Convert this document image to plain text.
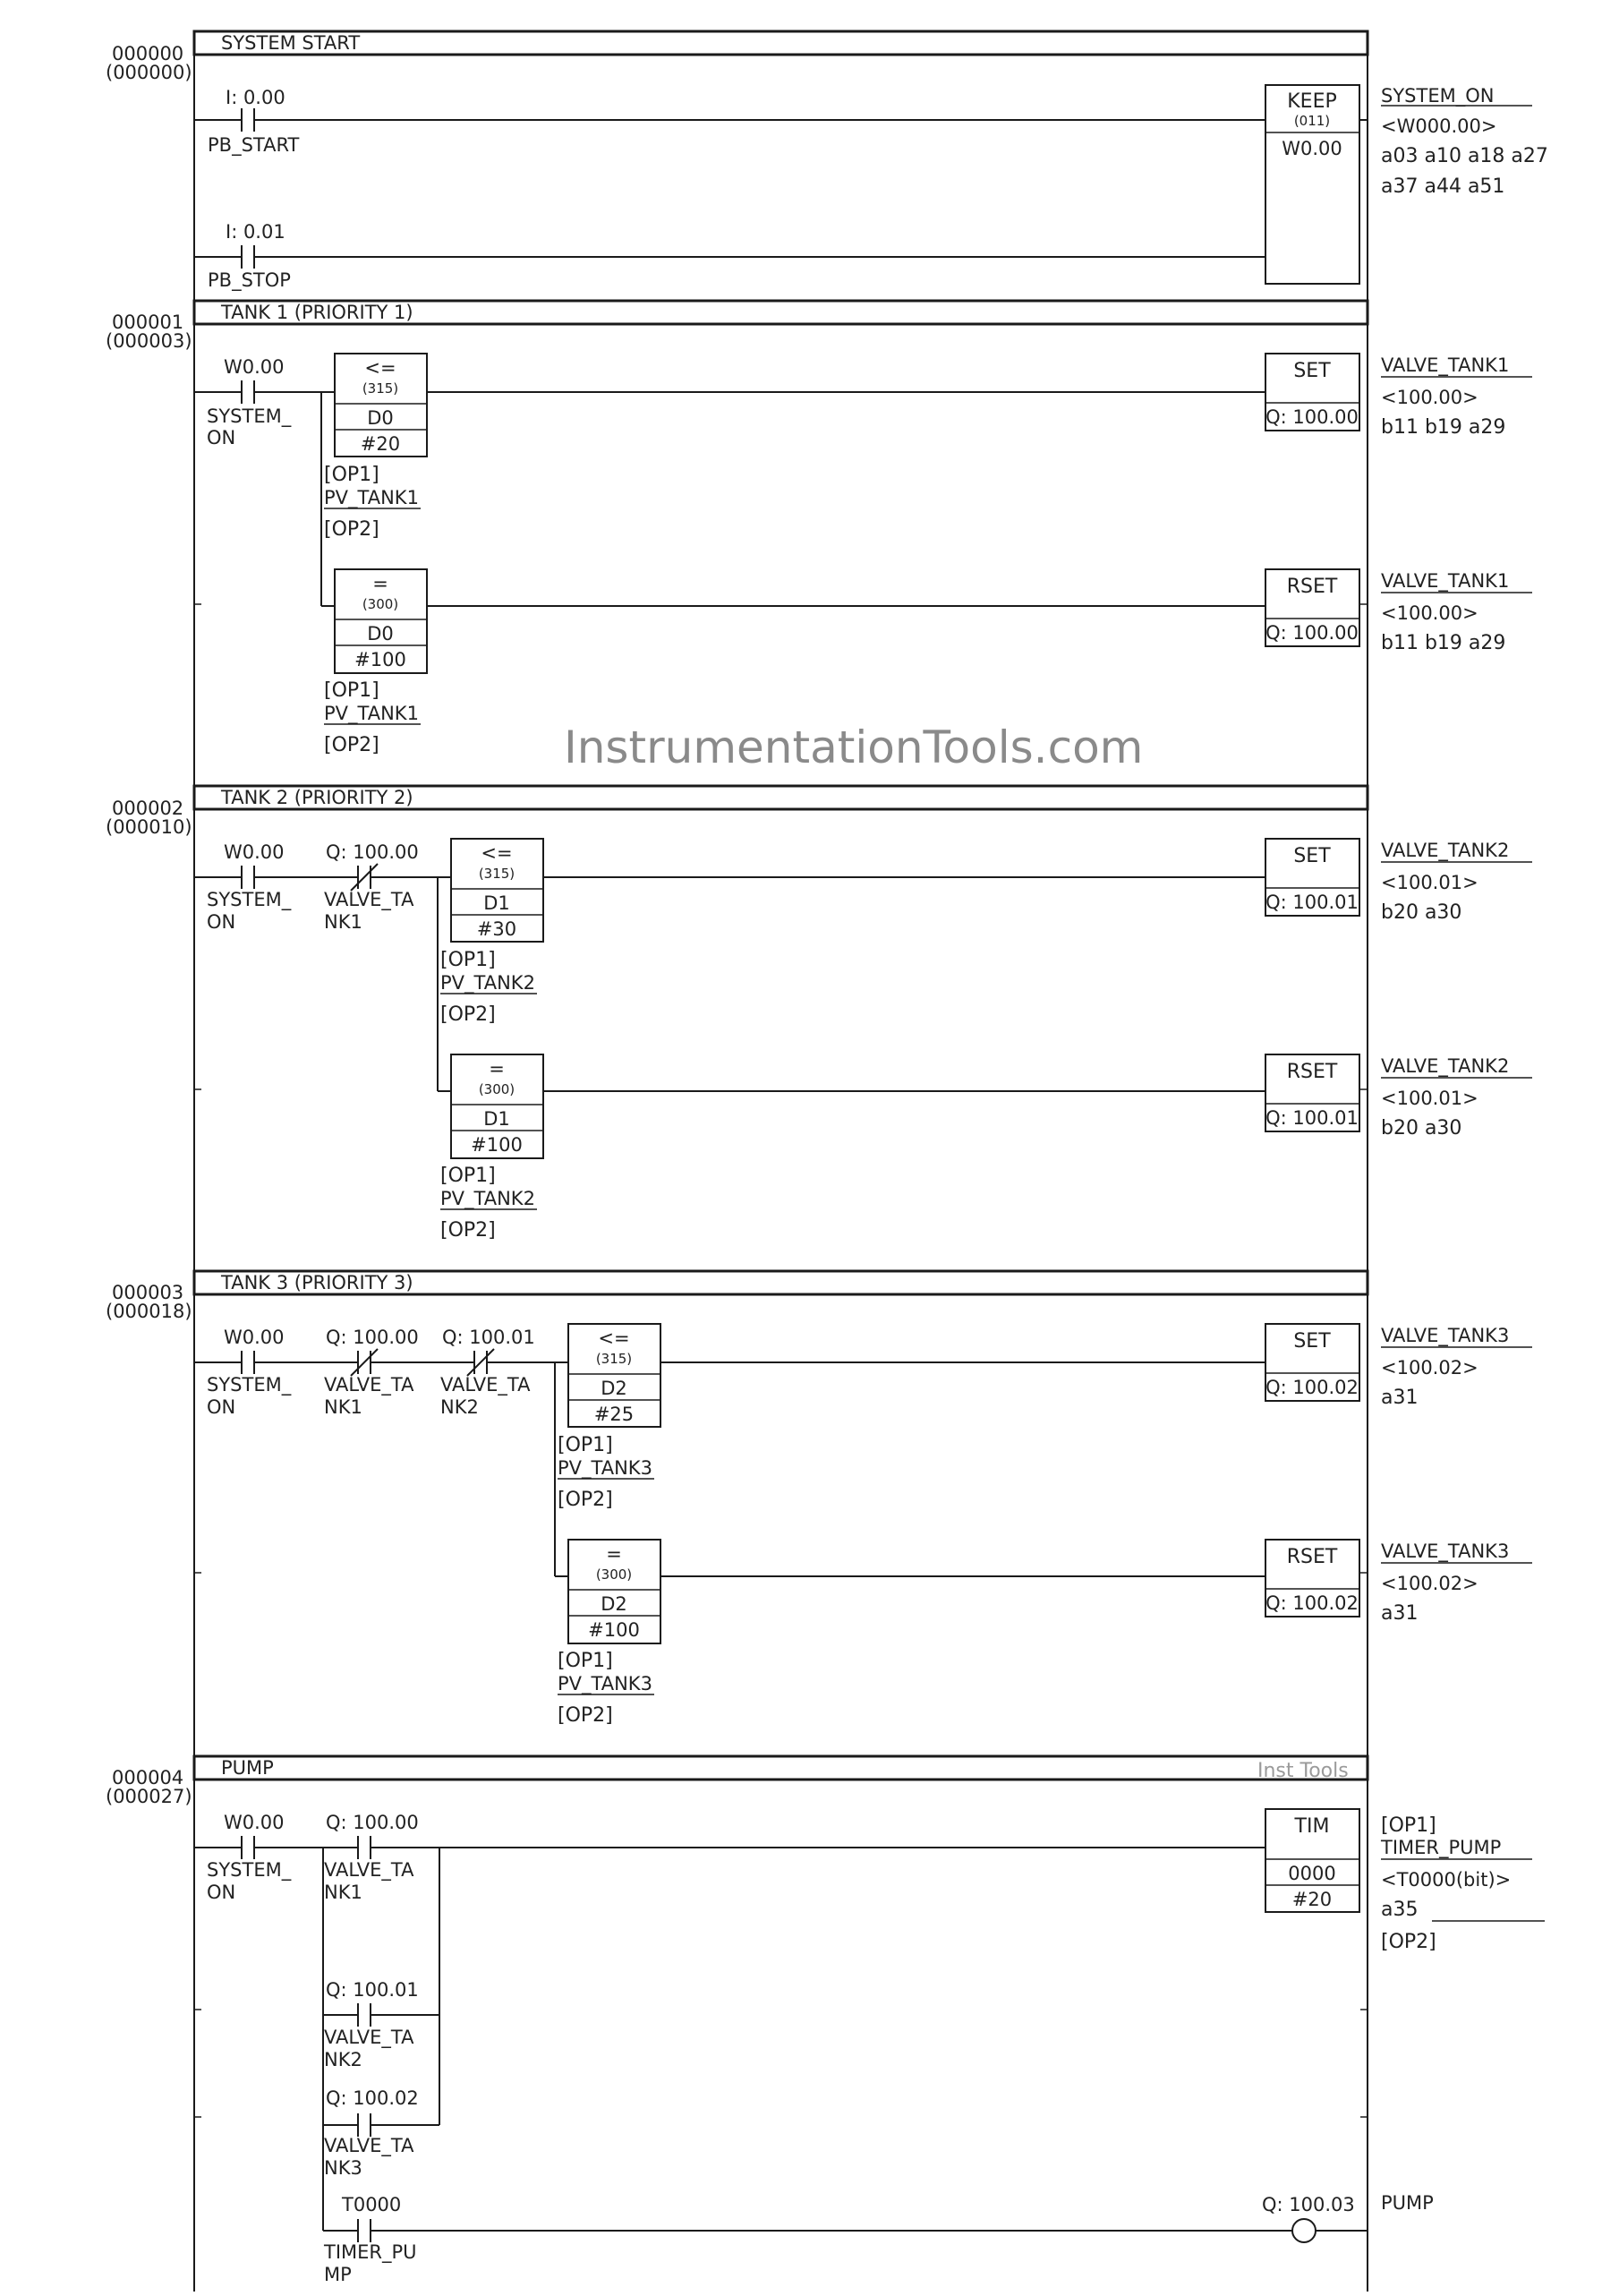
InstrumentationTools.com
000000
(000000)
SYSTEM START
I: 0.00
PB_START
I: 0.01
PB_STOP
KEEP
(011)
W0.00
SYSTEM_ON
<W000.00>
a03 a10 a18 a27
a37 a44 a51
000001
(000003)
TANK 1 (PRIORITY 1)
W0.00
SYSTEM_
ON
<=
(315)
D0
#20
[OP1]
PV_TANK1
[OP2]
=
(300)
D0
#100
[OP1]
PV_TANK1
[OP2]
SET
Q: 100.00
RSET
Q: 100.00
VALVE_TANK1
<100.00>
b11 b19 a29
VALVE_TANK1
<100.00>
b11 b19 a29
000002
(000010)
TANK 2 (PRIORITY 2)
W0.00
SYSTEM_
ON
Q: 100.00
VALVE_TA
NK1
<=
(315)
D1
#30
[OP1]
PV_TANK2
[OP2]
=
(300)
D1
#100
[OP1]
PV_TANK2
[OP2]
SET
Q: 100.01
RSET
Q: 100.01
VALVE_TANK2
<100.01>
b20 a30
VALVE_TANK2
<100.01>
b20 a30
000003
(000018)
TANK 3 (PRIORITY 3)
W0.00
SYSTEM_
ON
Q: 100.00
VALVE_TA
NK1
Q: 100.01
VALVE_TA
NK2
<=
(315)
D2
#25
[OP1]
PV_TANK3
[OP2]
=
(300)
D2
#100
[OP1]
PV_TANK3
[OP2]
SET
Q: 100.02
RSET
Q: 100.02
VALVE_TANK3
<100.02>
a31
VALVE_TANK3
<100.02>
a31
000004
(000027)
PUMP	Inst Tools
W0.00
SYSTEM_
ON
Q: 100.00
VALVE_TA
NK1
Q: 100.01
VALVE_TA
NK2
Q: 100.02
VALVE_TA
NK3
TIM
0000
#20
[OP1]
TIMER_PUMP
<T0000(bit)>
a35
[OP2]
T0000
TIMER_PU
MP
Q: 100.03 PUMP
